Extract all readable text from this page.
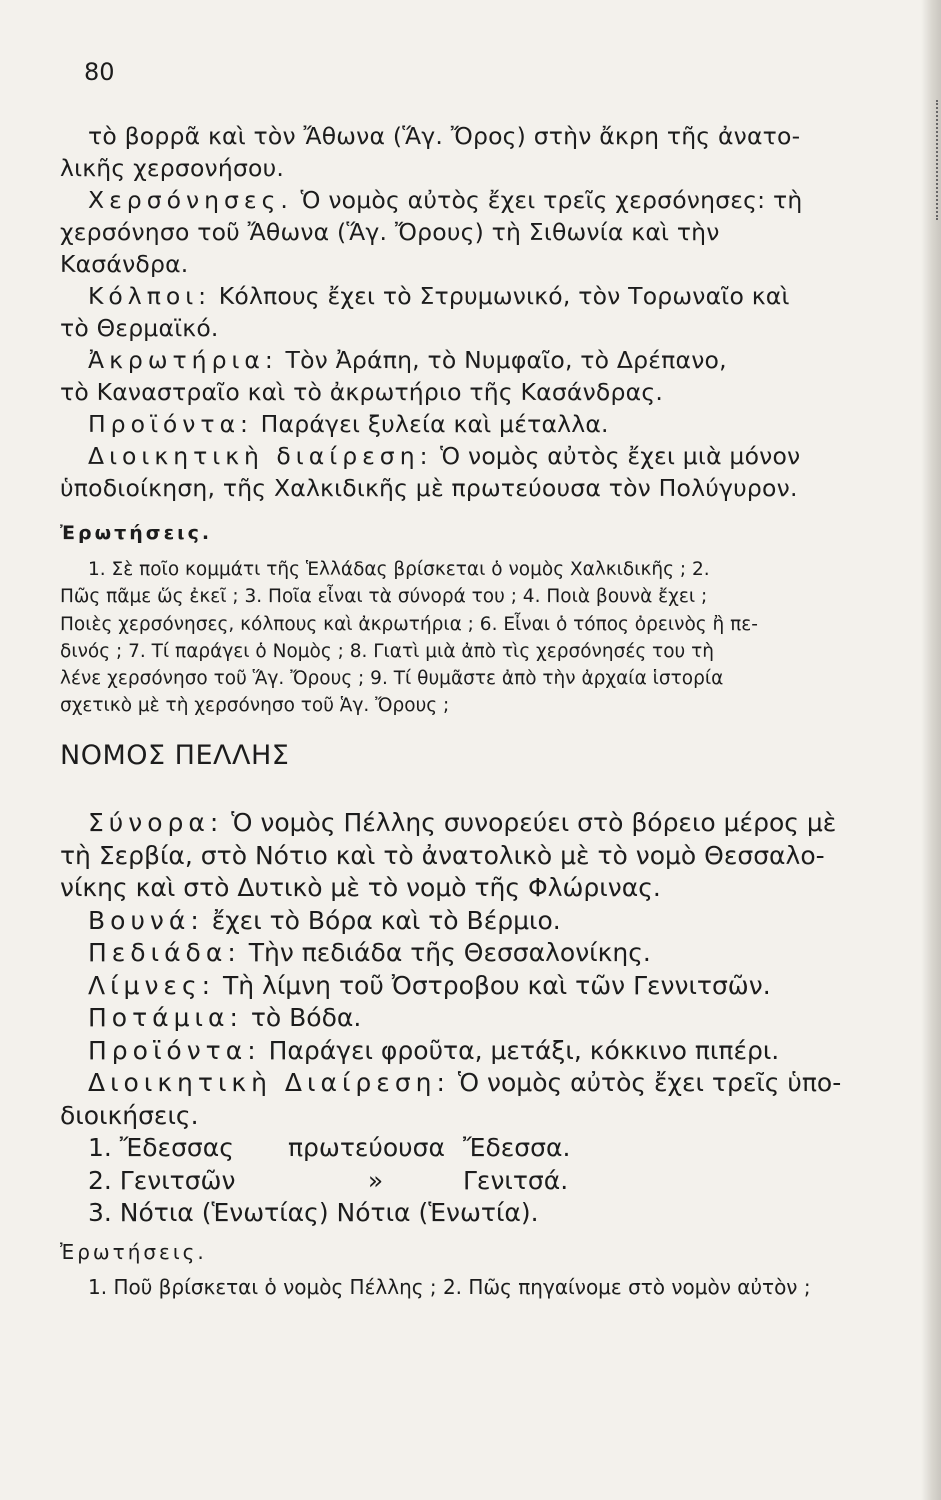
80
τὸ βορρᾶ καὶ τὸν Ἄθωνα (Ἅγ. Ὄρος) στὴν ἄκρη τῆς ἀνατο-
λικῆς χερσονήσου.
Χερσόνησες. Ὁ νομὸς αὐτὸς ἔχει τρεῖς χερσόνησες: τὴ
χερσόνησο τοῦ Ἄθωνα (Ἅγ. Ὄρους) τὴ Σιθωνία καὶ τὴν
Κασάνδρα.
Κόλποι: Κόλπους ἔχει τὸ Στρυμωνικό, τὸν Τορωναῖο καὶ
τὸ Θερμαϊκό.
Ἀκρωτήρια: Τὸν Ἀράπη, τὸ Νυμφαῖο, τὸ Δρέπανο,
τὸ Καναστραῖο καὶ τὸ ἀκρωτήριο τῆς Κασάνδρας.
Προϊόντα: Παράγει ξυλεία καὶ μέταλλα.
Διοικητικὴ διαίρεση: Ὁ νομὸς αὐτὸς ἔχει μιὰ μόνον
ὑποδιοίκηση, τῆς Χαλκιδικῆς μὲ πρωτεύουσα τὸν Πολύγυρον.
Ἐρωτήσεις.
1. Σὲ ποῖο κομμάτι τῆς Ἑλλάδας βρίσκεται ὁ νομὸς Χαλκιδικῆς ; 2.
Πῶς πᾶμε ὥς ἐκεῖ ; 3. Ποῖα εἶναι τὰ σύνορά του ; 4. Ποιὰ βουνὰ ἔχει ;
Ποιὲς χερσόνησες, κόλπους καὶ ἀκρωτήρια ; 6. Εἶναι ὁ τόπος ὀρεινὸς ἢ πε-
δινός ; 7. Τί παράγει ὁ Νομὸς ; 8. Γιατὶ μιὰ ἀπὸ τὶς χερσόνησές του τὴ
λένε χερσόνησο τοῦ Ἅγ. Ὄρους ; 9. Τί θυμᾶστε ἀπὸ τὴν ἀρχαία ἱστορία
σχετικὸ μὲ τὴ χερσόνησο τοῦ Ἁγ. Ὄρους ;
ΝΟΜΟΣ ΠΕΛΛΗΣ
Σύνορα: Ὁ νομὸς Πέλλης συνορεύει στὸ βόρειο μέρος μὲ
τὴ Σερβία, στὸ Νότιο καὶ τὸ ἀνατολικὸ μὲ τὸ νομὸ Θεσσαλο-
νίκης καὶ στὸ Δυτικὸ μὲ τὸ νομὸ τῆς Φλώρινας.
Βουνά: ἔχει τὸ Βόρα καὶ τὸ Βέρμιο.
Πεδιάδα: Τὴν πεδιάδα τῆς Θεσσαλονίκης.
Λίμνες: Τὴ λίμνη τοῦ Ὀστροβου καὶ τῶν Γεννιτσῶν.
Ποτάμια: τὸ Βόδα.
Προϊόντα: Παράγει φροῦτα, μετάξι, κόκκινο πιπέρι.
Διοικητικὴ Διαίρεση: Ὁ νομὸς αὐτὸς ἔχει τρεῖς ὑπο-
διοικήσεις.
1. Ἔδεσσας πρωτεύουσα Ἔδεσσα.
2. Γενιτσῶν	»	Γενιτσά.
3. Νότια (Ἑνωτίας) Νότια (Ἑνωτία).
Ἐρωτήσεις.
1. Ποῦ βρίσκεται ὁ νομὸς Πέλλης ; 2. Πῶς πηγαίνομε στὸ νομὸν αὐτὸν ;
